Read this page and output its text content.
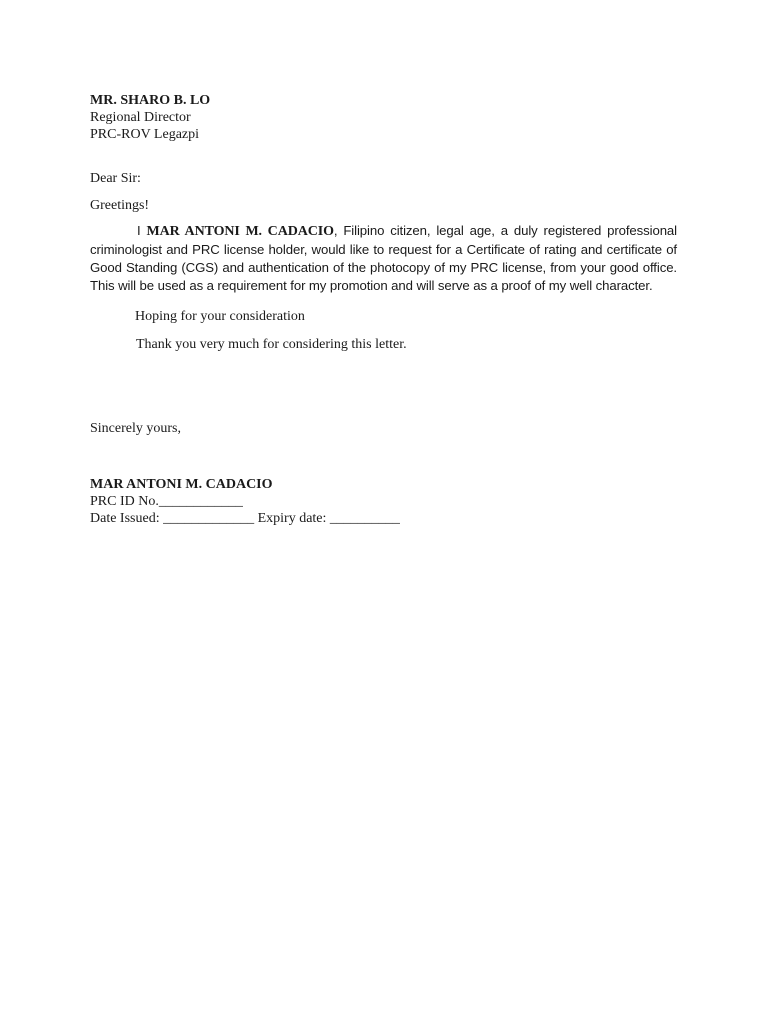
MR. SHARO B. LO
Regional Director
PRC-ROV Legazpi
Dear Sir:
Greetings!

I MAR ANTONI M. CADACIO, Filipino citizen, legal age, a duly registered professional criminologist and PRC license holder, would like to request for a Certificate of rating and certificate of Good Standing (CGS) and authentication of the photocopy of my PRC license, from your good office. This will be used as a requirement for my promotion and will serve as a proof of my well character.

Hoping for your consideration
Thank you very much for considering this letter.
Sincerely yours,
MAR ANTONI M. CADACIO
PRC ID No.____________
Date Issued: _____________ Expiry date: __________
